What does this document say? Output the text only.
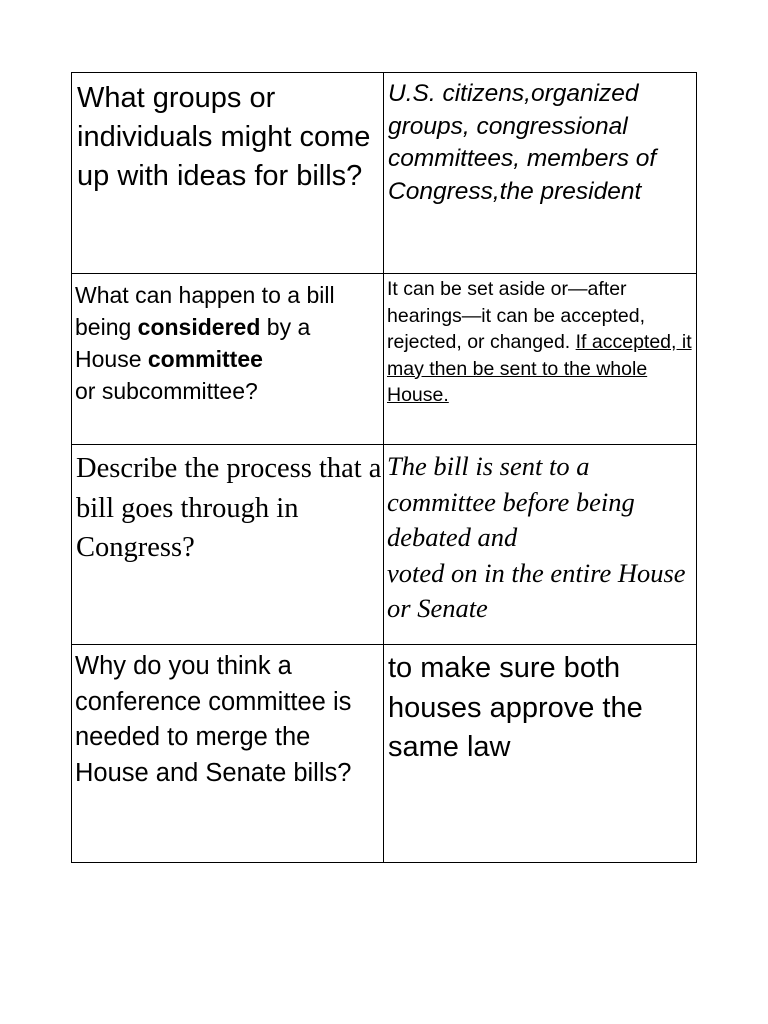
What groups or individuals might come up with ideas for bills?	U.S. citizens,organized groups, congressional committees, members of Congress,the president

What can happen to a bill being considered by a House committee
or subcommittee?	It can be set aside or—after hearings—it can be accepted, rejected, or changed. If accepted, it may then be sent to the whole House.

Describe the process that a bill goes through in Congress?	The bill is sent to a committee before being debated and
voted on in the entire House or Senate

Why do you think a conference committee is needed to merge the House and Senate bills?	to make sure both houses approve the same law
